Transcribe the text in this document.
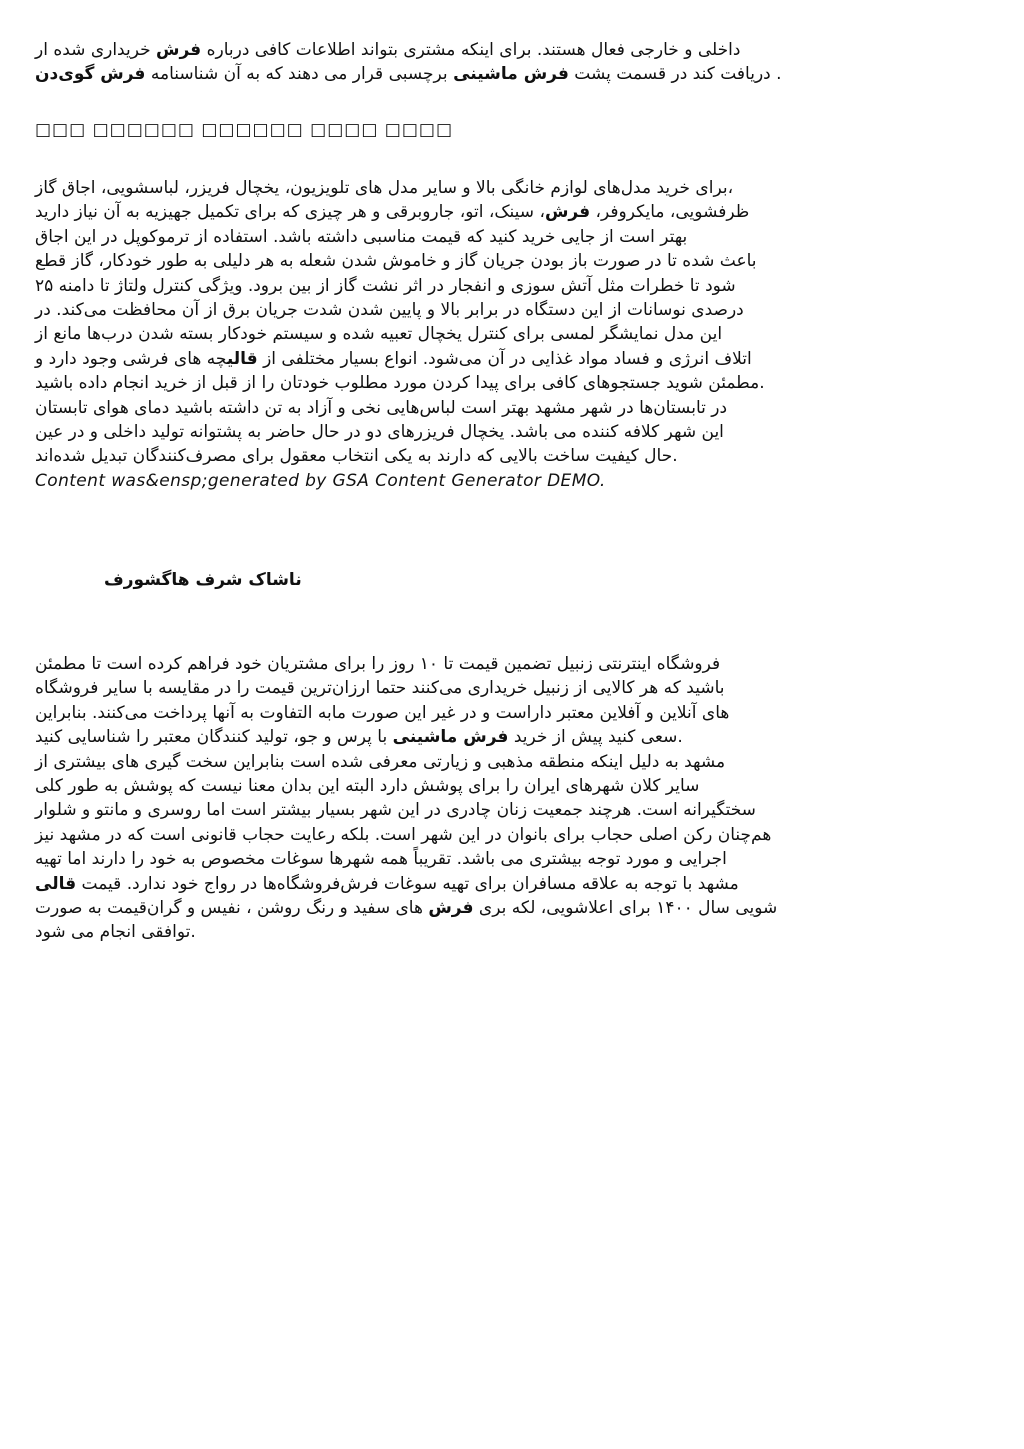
داخلی و خارجی فعال هستند. برای اینکه مشتری بتواند اطلاعات کافی درباره فرش خریداری شده ار
دریافت کند در قسمت پشت فرش ماشینی برچسبی قرار می دهند که به آن شناسنامه فرش گوی‌دن	.

□□□ □□□□□□ □□□□□□ □□□□ □□□□

برای خرید مدل‌های لوازم خانگی بالا و سایر مدل های تلویزیون، یخچال فریزر، لباسشویی، اجاق گاز،
ظرفشویی، مایکروفر، فرش، سینک، اتو، جاروبرقی و هر چیزی که برای تکمیل جهیزیه به آن نیاز دارید
بهتر است از جایی خرید کنید که قیمت مناسبی داشته باشد. استفاده از ترموکوپل در این اجاق
باعث شده تا در صورت باز بودن جریان گاز و خاموش شدن شعله به هر دلیلی به طور خودکار، گاز قطع
شود تا خطرات مثل آتش سوزی و انفجار در اثر نشت گاز از بین برود. ویژگی کنترل ولتاژ تا دامنه ۲۵
درصدی نوسانات از این دستگاه در برابر بالا و پایین شدن شدت جریان برق از آن محافظت می‌کند. در
این مدل نمایشگر لمسی برای کنترل یخچال تعبیه شده و سیستم خودکار بسته شدن درب‌ها مانع از
اتلاف انرژی و فساد مواد غذایی در آن می‌شود. انواع بسیار مختلفی از قالیچه های فرشی وجود دارد و
مطمئن شوید جستجوهای کافی برای پیدا کردن مورد مطلوب خودتان را از قبل از خرید انجام داده باشید.
در تابستان‌ها در شهر مشهد بهتر است لباس‌هایی نخی و آزاد به تن داشته باشید دمای هوای تابستان
این شهر کلافه کننده می باشد. یخچال فریزرهای دو در حال حاضر به پشتوانه تولید داخلی و در عین
حال کیفیت ساخت بالایی که دارند به یکی انتخاب معقول برای مصرف‌کنندگان تبدیل شده‌اند.
Content was&ensp;generated by GSA Content Generator DEMO.

ناشاک شرف هاگشورف

فروشگاه اینترنتی زنبیل تضمین قیمت تا ۱۰ روز را برای مشتریان خود فراهم کرده است تا مطمئن
باشید که هر کالایی از زنبیل خریداری می‌کنند حتما ارزان‌ترین قیمت را در مقایسه با سایر فروشگاه
های آنلاین و آفلاین معتبر داراست و در غیر این صورت مابه التفاوت به آنها پرداخت می‌کنند. بنابراین
سعی کنید پیش از خرید فرش ماشینی با پرس و جو، تولید کنندگان معتبر را شناسایی کنید.
مشهد به دلیل اینکه منطقه مذهبی و زیارتی معرفی شده است بنابراین سخت گیری های بیشتری از
سایر کلان شهرهای ایران را برای پوشش دارد البته این بدان معنا نیست که پوشش به طور کلی
سختگیرانه است. هرچند جمعیت زنان چادری در این شهر بسیار بیشتر است اما روسری و مانتو و شلوار
هم‌چنان رکن اصلی حجاب برای بانوان در این شهر است. بلکه رعایت حجاب قانونی است که در مشهد نیز
اجرایی و مورد توجه بیشتری می باشد. تقریباً همه شهرها سوغات مخصوص به خود را دارند اما تهیه
مشهد با توجه به علاقه مسافران برای تهیه سوغات فرش‌فروشگاه‌ها در رواج خود ندارد. قیمت قالی
شویی سال ۱۴۰۰ برای اعلاشویی، لکه بری فرش های سفید و رنگ روشن ، نفیس و گران‌قیمت به صورت
توافقی انجام می شود.
